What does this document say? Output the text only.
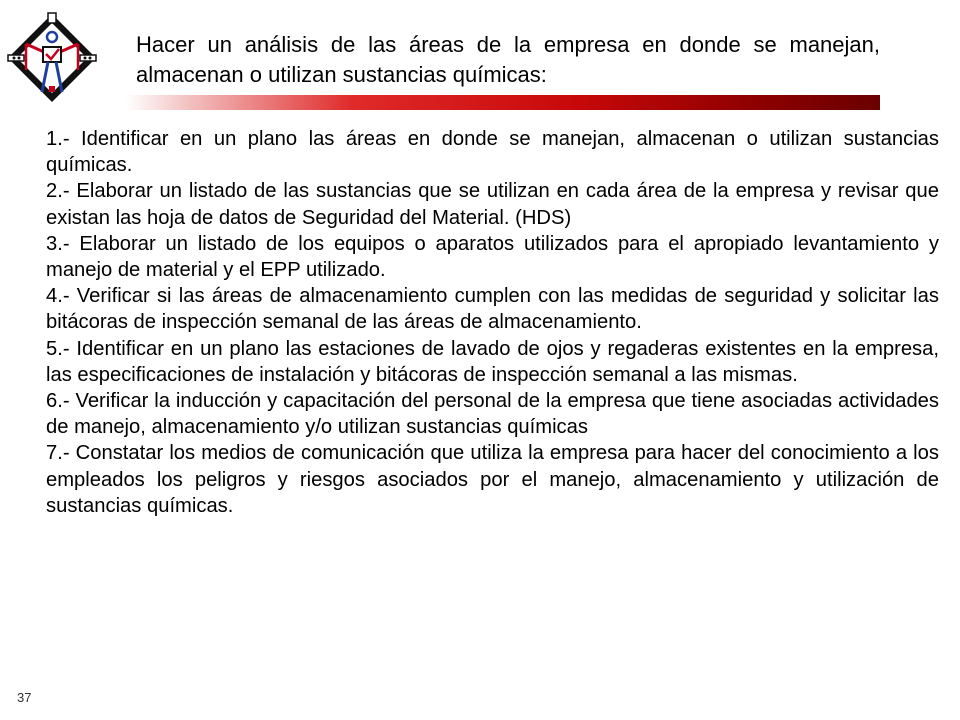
Hacer un análisis de las áreas de la empresa en donde se manejan, almacenan o utilizan sustancias químicas:
1.- Identificar en un plano las áreas en donde se manejan, almacenan o utilizan sustancias químicas.
2.- Elaborar un listado de las sustancias que se utilizan en cada área de la empresa y revisar que existan las hoja de datos de Seguridad del Material. (HDS)
3.- Elaborar un listado de los equipos o aparatos utilizados para el apropiado levantamiento y manejo de material y el EPP utilizado.
4.- Verificar si las áreas de almacenamiento cumplen con las medidas de seguridad y solicitar las bitácoras de inspección semanal de las áreas de almacenamiento.
5.- Identificar en un plano las estaciones de lavado de ojos y regaderas existentes en la empresa, las especificaciones de instalación y bitácoras de inspección semanal a las mismas.
6.- Verificar la inducción y capacitación del personal de la empresa que tiene asociadas actividades de manejo, almacenamiento y/o utilizan sustancias químicas
7.- Constatar los medios de comunicación que utiliza la empresa para hacer del conocimiento a los empleados los peligros y riesgos asociados por el manejo, almacenamiento y utilización de sustancias químicas.
37
